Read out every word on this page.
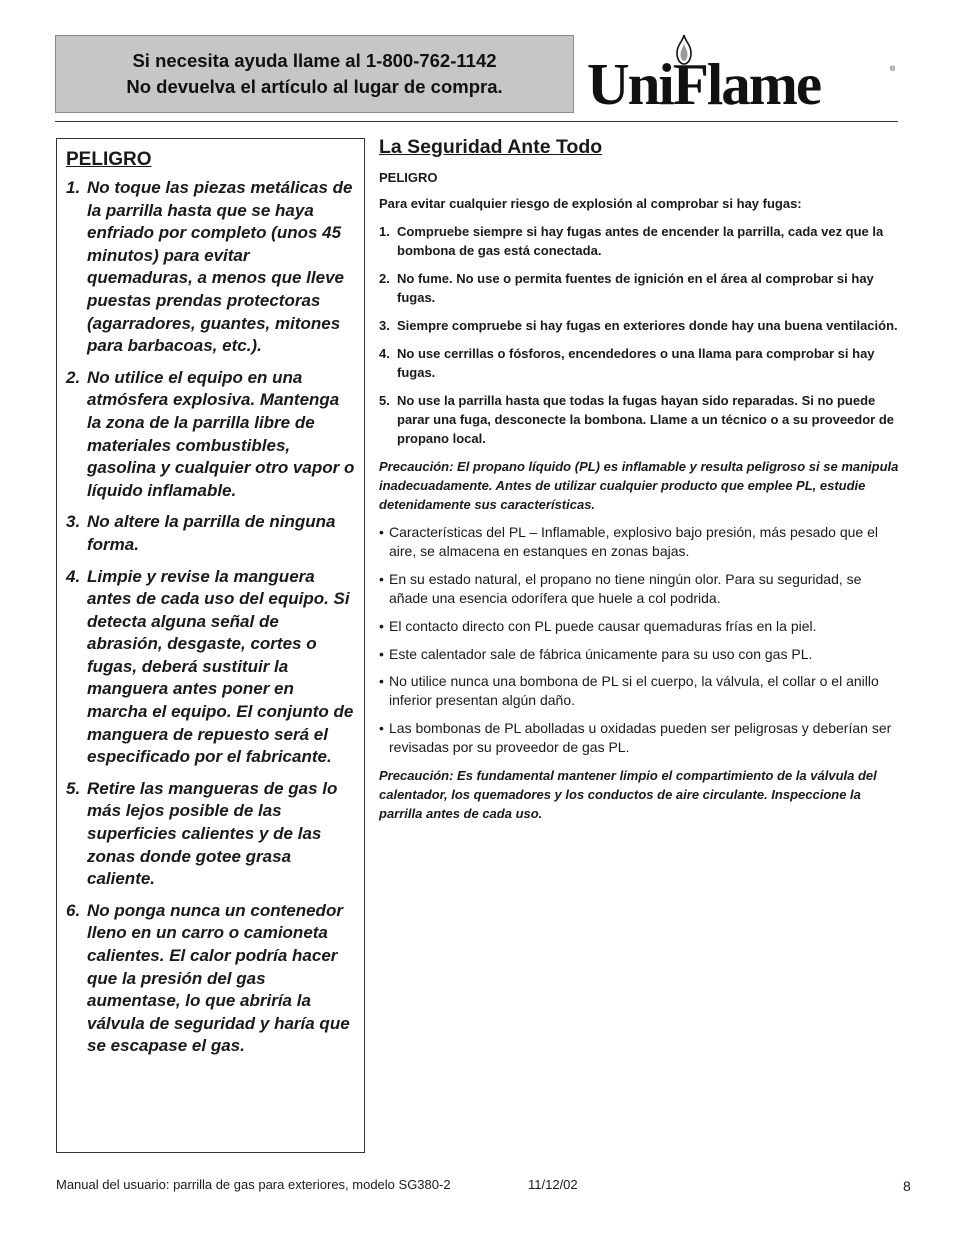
Si necesita ayuda llame al 1-800-762-1142
No devuelva el artículo al lugar de compra.	UniFlame	®
PELIGRO
1. No toque las piezas metálicas de la parrilla hasta que se haya enfriado por completo (unos 45 minutos) para evitar quemaduras, a menos que lleve puestas prendas protectoras (agarradores, guantes, mitones para barbacoas, etc.).
2. No utilice el equipo en una atmósfera explosiva. Mantenga la zona de la parrilla libre de materiales combustibles, gasolina y cualquier otro vapor o líquido inflamable.
3. No altere la parrilla de ninguna forma.
4. Limpie y revise la manguera antes de cada uso del equipo. Si detecta alguna señal de abrasión, desgaste, cortes o fugas, deberá sustituir la manguera antes poner en marcha el equipo. El conjunto de manguera de repuesto será el especificado por el fabricante.
5. Retire las mangueras de gas lo más lejos posible de las superficies calientes y de las zonas donde gotee grasa caliente.
6. No ponga nunca un contenedor lleno en un carro o camioneta calientes. El calor podría hacer que la presión del gas aumentase, lo que abriría la válvula de seguridad y haría que se escapase el gas.
La Seguridad Ante Todo
PELIGRO
Para evitar cualquier riesgo de explosión al comprobar si hay fugas:
1. Compruebe siempre si hay fugas antes de encender la parrilla, cada vez que la bombona de gas está conectada.
2. No fume. No use o permita fuentes de ignición en el área al comprobar si hay fugas.
3. Siempre compruebe si hay fugas en exteriores donde hay una buena ventilación.
4. No use cerrillas o fósforos, encendedores o una llama para comprobar si hay fugas.
5. No use la parrilla hasta que todas la fugas hayan sido reparadas. Si no puede parar una fuga, desconecte la bombona. Llame a un técnico o a su proveedor de propano local.

Precaución: El propano líquido (PL) es inflamable y resulta peligroso si se manipula inadecuadamente. Antes de utilizar cualquier producto que emplee PL, estudie detenidamente sus características.

• Características del PL – Inflamable, explosivo bajo presión, más pesado que el aire, se almacena en estanques en zonas bajas.
• En su estado natural, el propano no tiene ningún olor. Para su seguridad, se añade una esencia odorífera que huele a col podrida.
• El contacto directo con PL puede causar quemaduras frías en la piel.
• Este calentador sale de fábrica únicamente para su uso con gas PL.
• No utilice nunca una bombona de PL si el cuerpo, la válvula, el collar o el anillo inferior presentan algún daño.
• Las bombonas de PL abolladas u oxidadas pueden ser peligrosas y deberían ser revisadas por su proveedor de gas PL.

Precaución: Es fundamental mantener limpio el compartimiento de la válvula del calentador, los quemadores y los conductos de aire circulante. Inspeccione la parrilla antes de cada uso.

Manual del usuario: parrilla de gas para exteriores, modelo SG380-2	11/12/02	8
